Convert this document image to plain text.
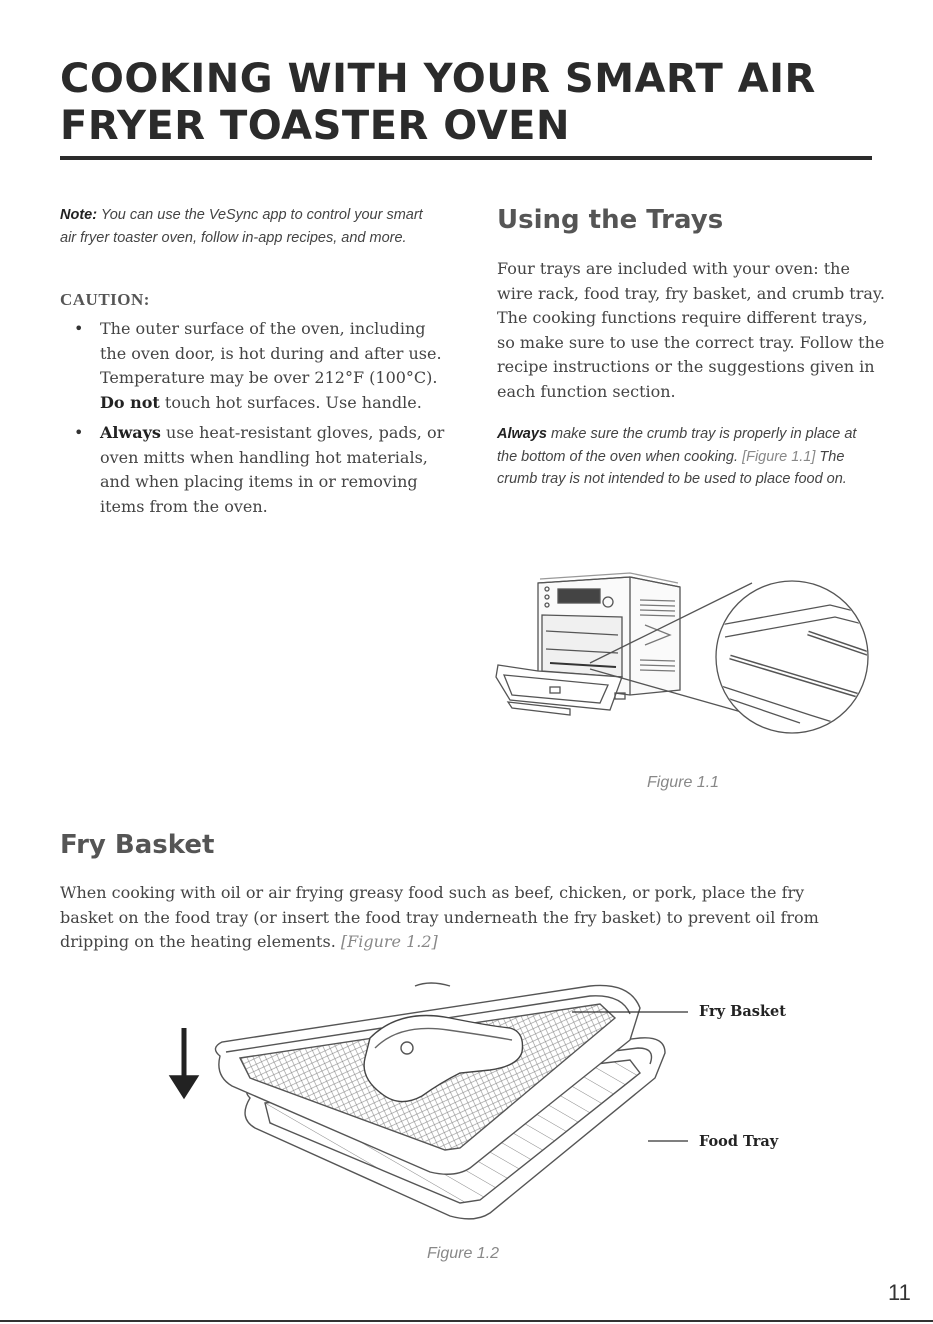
COOKING WITH YOUR SMART AIR
FRYER TOASTER OVEN

Note: You can use the VeSync app to control your smart air fryer toaster oven, follow in-app recipes, and more.

CAUTION:
• The outer surface of the oven, including the oven door, is hot during and after use. Temperature may be over 212°F (100°C). Do not touch hot surfaces. Use handle.
• Always use heat-resistant gloves, pads, or oven mitts when handling hot materials, and when placing items in or removing items from the oven.
Using the Trays

Four trays are included with your oven: the wire rack, food tray, fry basket, and crumb tray. The cooking functions require different trays, so make sure to use the correct tray. Follow the recipe instructions or the suggestions given in each function section.

Always make sure the crumb tray is properly in place at the bottom of the oven when cooking. [Figure 1.1] The crumb tray is not intended to be used to place food on.

Figure 1.1
Fry Basket

When cooking with oil or air frying greasy food such as beef, chicken, or pork, place the fry basket on the food tray (or insert the food tray underneath the fry basket) to prevent oil from dripping on the heating elements. [Figure 1.2]

Fry Basket
Food Tray
Figure 1.2
11
